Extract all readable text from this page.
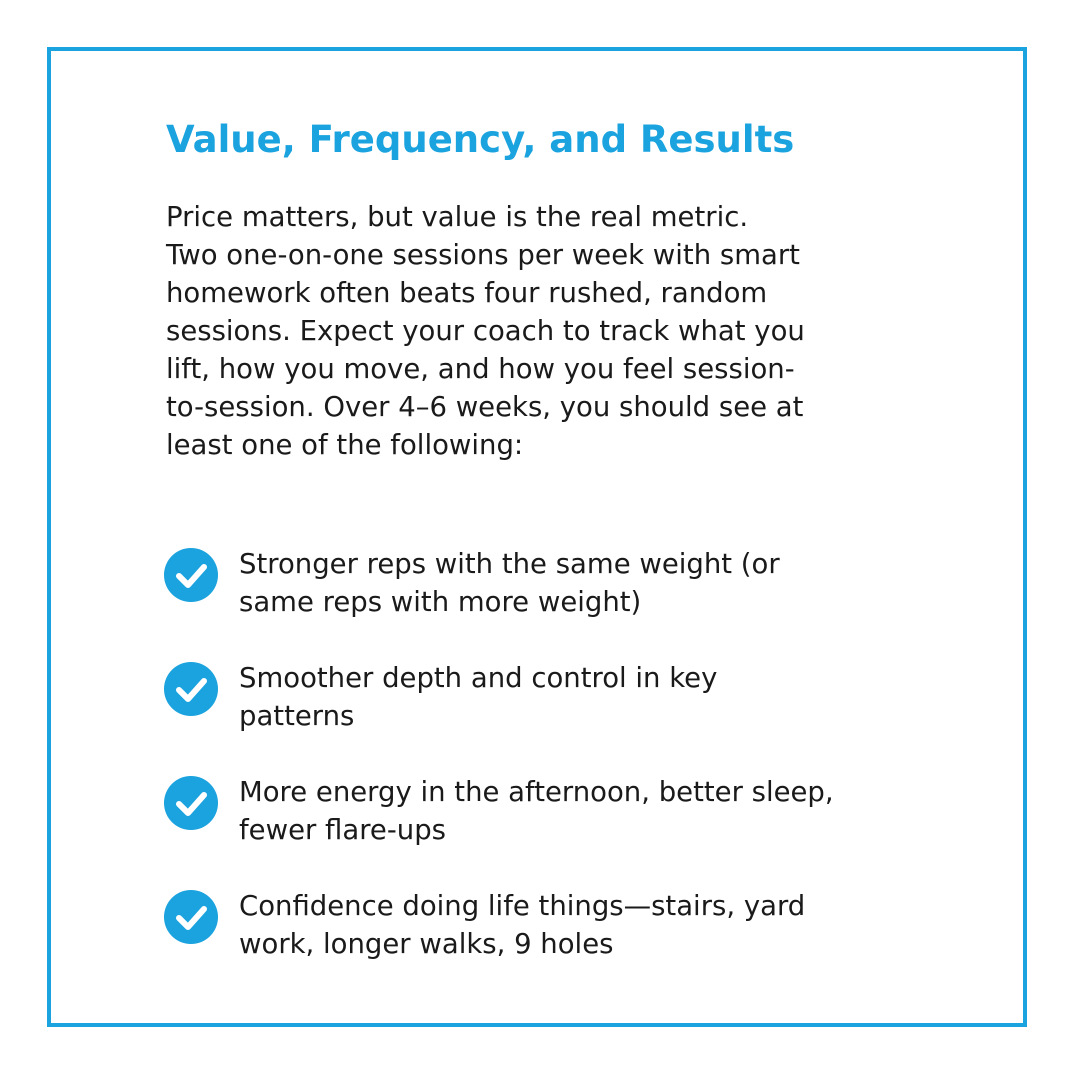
Value, Frequency, and Results

Price matters, but value is the real metric.
Two one-on-one sessions per week with smart
homework often beats four rushed, random
sessions. Expect your coach to track what you
lift, how you move, and how you feel session-
to-session. Over 4–6 weeks, you should see at
least one of the following:

Stronger reps with the same weight (or
same reps with more weight)
Smoother depth and control in key
patterns
More energy in the afternoon, better sleep,
fewer flare-ups
Confidence doing life things—stairs, yard
work, longer walks, 9 holes
